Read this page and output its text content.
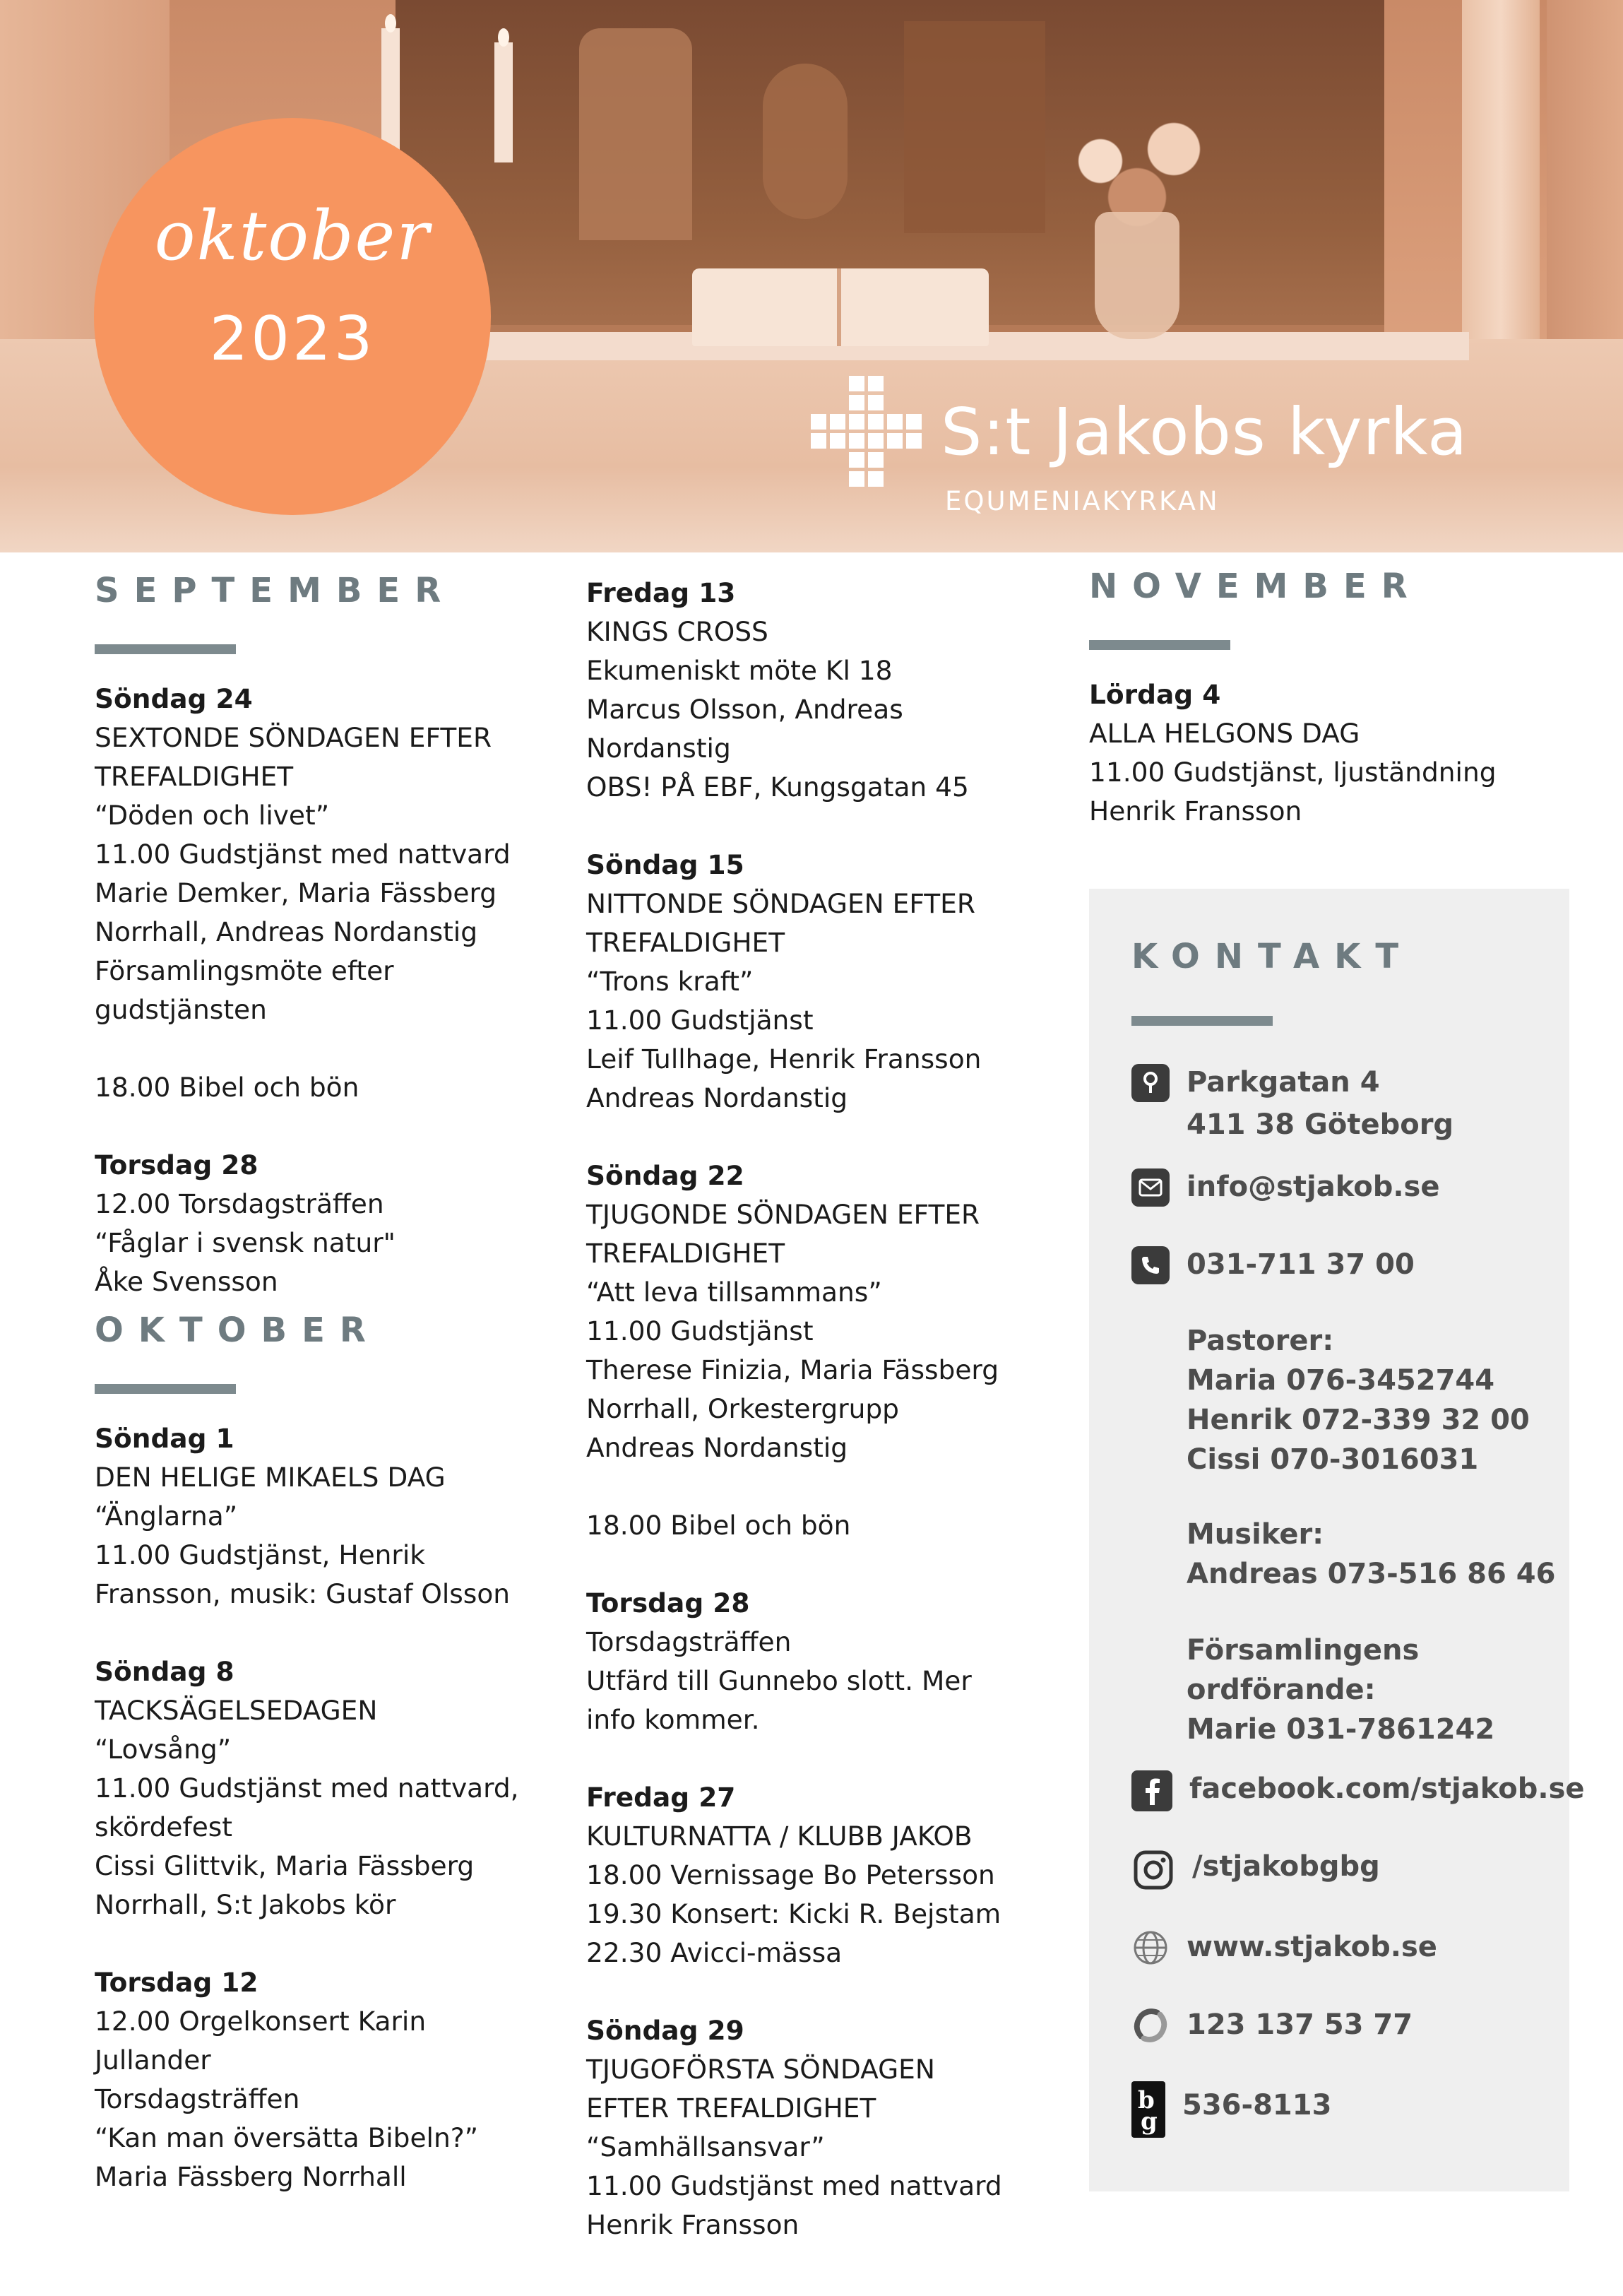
oktober
2023
S:t Jakobs kyrka
EQUMENIAKYRKAN
SEPTEMBER
Söndag 24
SEXTONDE SÖNDAGEN EFTER
TREFALDIGHET
“Döden och livet”
11.00 Gudstjänst med nattvard
Marie Demker, Maria Fässberg
Norrhall, Andreas Nordanstig
Församlingsmöte efter
gudstjänsten

18.00 Bibel och bön
Torsdag 28
12.00 Torsdagsträffen
“Fåglar i svensk natur"
Åke Svensson
OKTOBER
Söndag 1
DEN HELIGE MIKAELS DAG
“Änglarna”
11.00 Gudstjänst, Henrik
Fransson, musik: Gustaf Olsson
Söndag 8
TACKSÄGELSEDAGEN
“Lovsång”
11.00 Gudstjänst med nattvard,
skördefest
Cissi Glittvik, Maria Fässberg
Norrhall, S:t Jakobs kör
Torsdag 12
12.00 Orgelkonsert Karin
Jullander
Torsdagsträffen
“Kan man översätta Bibeln?”
Maria Fässberg Norrhall
Fredag 13
KINGS CROSS
Ekumeniskt möte Kl 18
Marcus Olsson, Andreas
Nordanstig
OBS! PÅ EBF, Kungsgatan 45
Söndag 15
NITTONDE SÖNDAGEN EFTER
TREFALDIGHET
“Trons kraft”
11.00 Gudstjänst
Leif Tullhage, Henrik Fransson
Andreas Nordanstig
Söndag 22
TJUGONDE SÖNDAGEN EFTER
TREFALDIGHET
“Att leva tillsammans”
11.00 Gudstjänst
Therese Finizia, Maria Fässberg
Norrhall, Orkestergrupp
Andreas Nordanstig

18.00 Bibel och bön
Torsdag 28
Torsdagsträffen
Utfärd till Gunnebo slott. Mer
info kommer.
Fredag 27
KULTURNATTA / KLUBB JAKOB
18.00 Vernissage Bo Petersson
19.30 Konsert: Kicki R. Bejstam
22.30 Avicci-mässa
Söndag 29
TJUGOFÖRSTA SÖNDAGEN
EFTER TREFALDIGHET
“Samhällsansvar”
11.00 Gudstjänst med nattvard
Henrik Fransson
NOVEMBER
Lördag 4
ALLA HELGONS DAG
11.00 Gudstjänst, ljuständning
Henrik Fransson
KONTAKT
Parkgatan 4
411 38 Göteborg
info@stjakob.se
031-711 37 00
Pastorer:
Maria 076-3452744
Henrik 072-339 32 00
Cissi 070-3016031
Musiker:
Andreas 073-516 86 46
Församlingens
ordförande:
Marie 031-7861242
facebook.com/stjakob.se
/stjakobgbg
www.stjakob.se
123 137 53 77
b
g 536-8113
